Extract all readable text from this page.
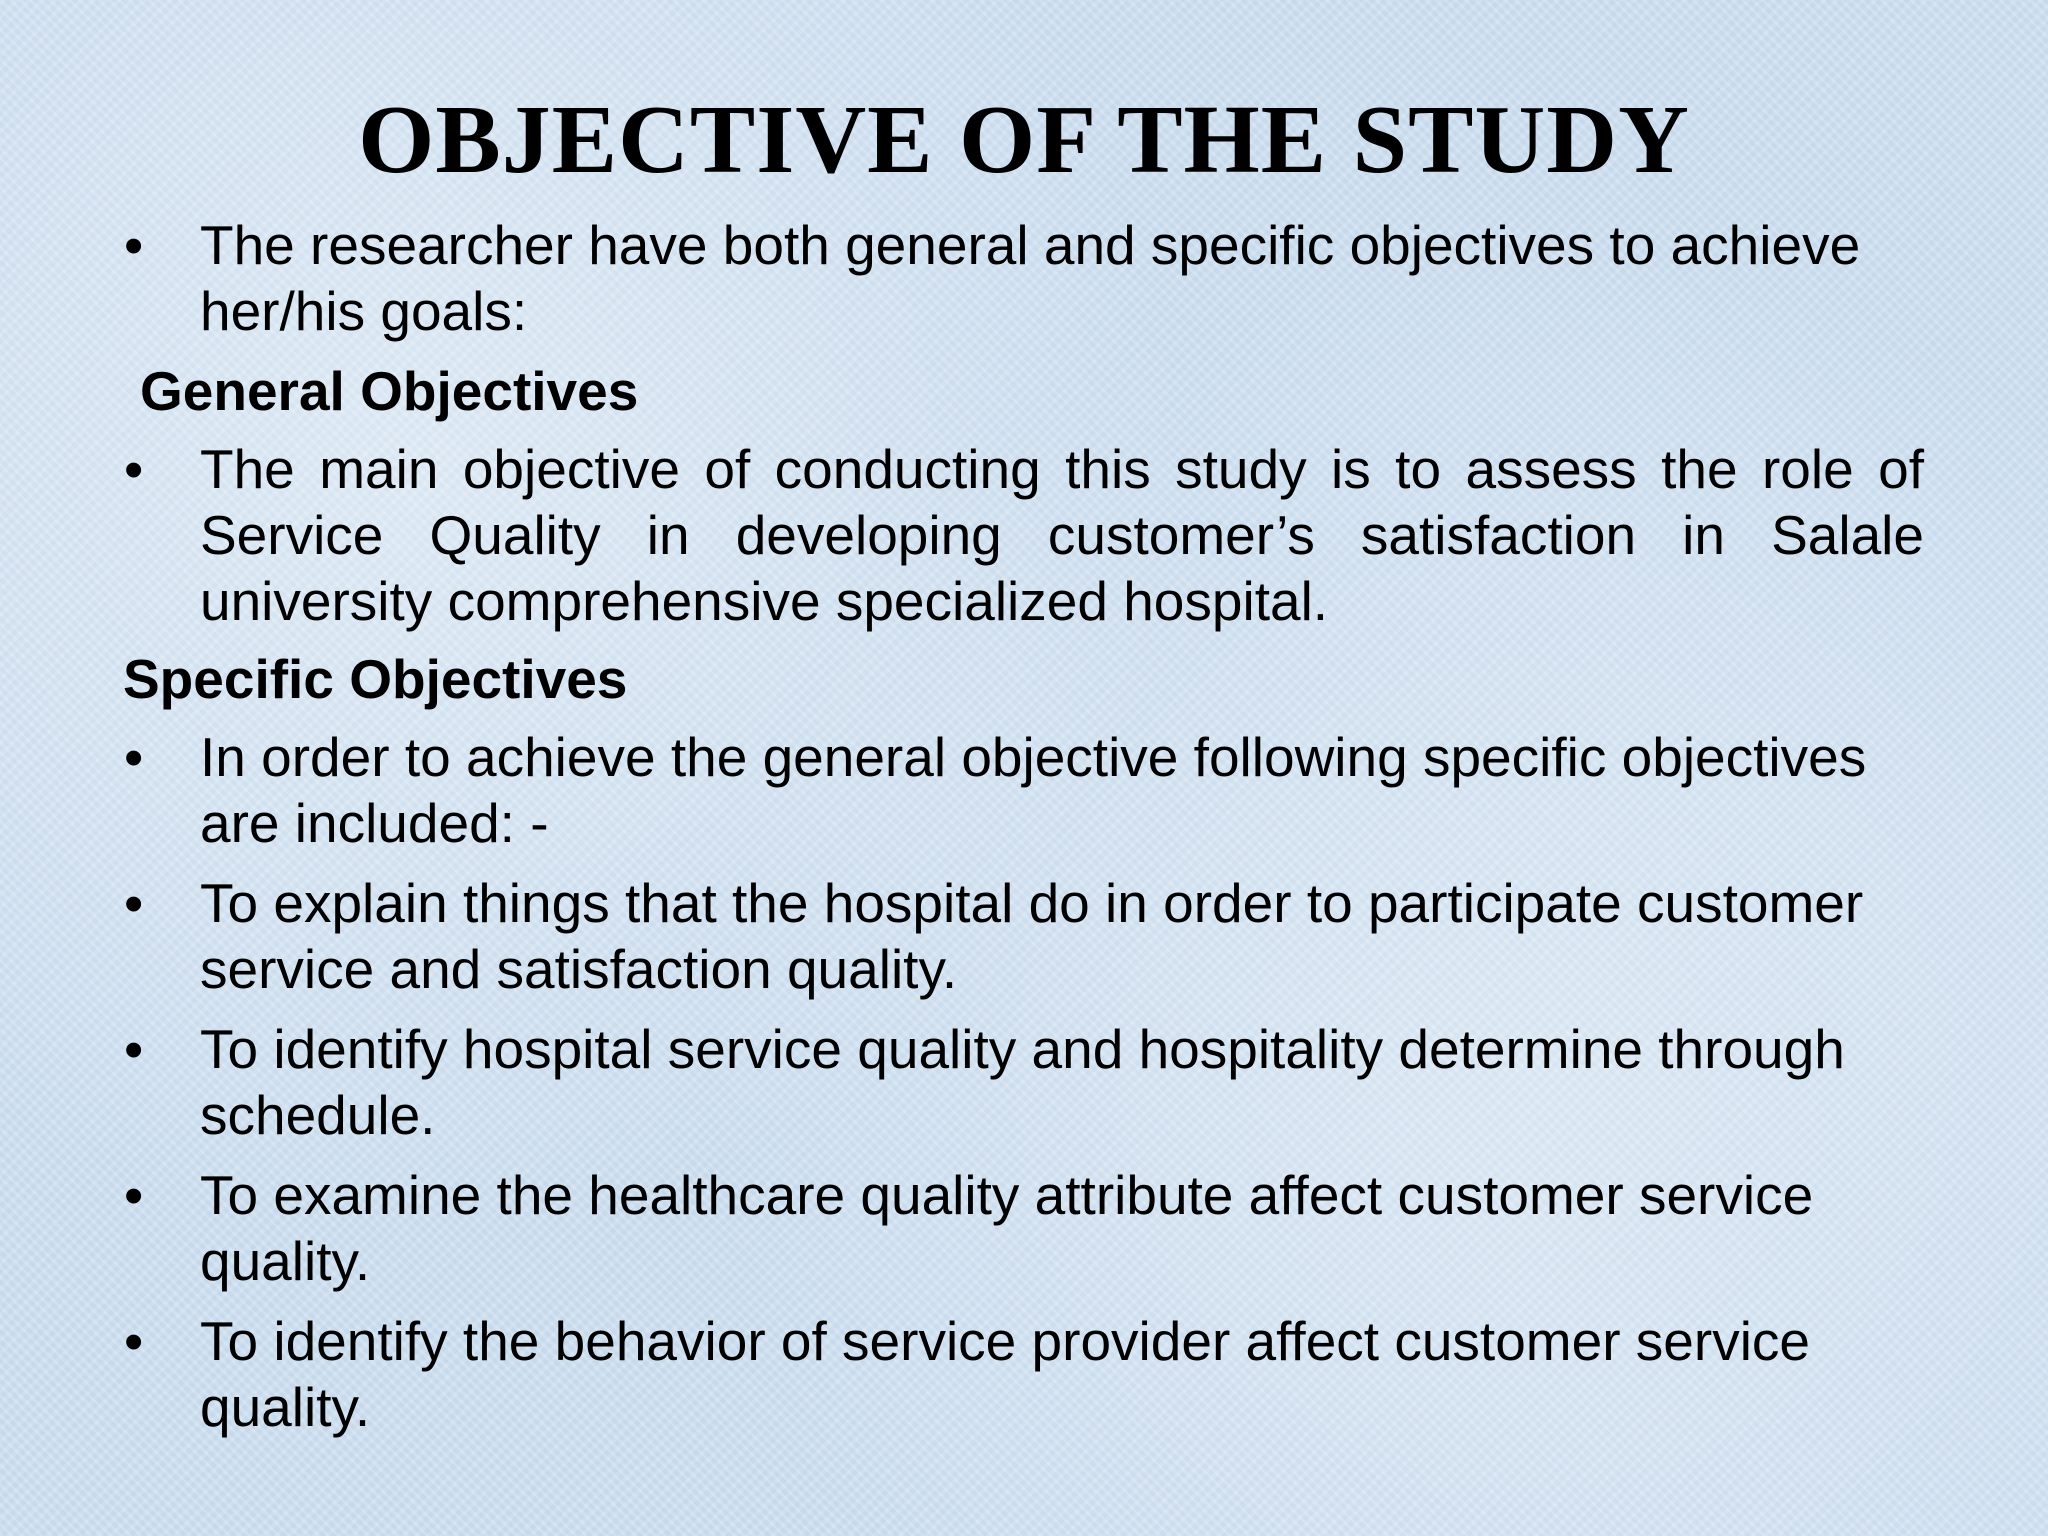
OBJECTIVE OF THE STUDY
•	The researcher have both general and specific objectives to achieve her/his goals:
General Objectives
•	The main objective of conducting this study is to assess the role of Service Quality in developing customer’s satisfaction in Salale university comprehensive specialized hospital.
Specific Objectives
•	In order to achieve the general objective following specific objectives are included: -
•	To explain things that the hospital do in order to participate customer service and satisfaction quality.
•	To identify hospital service quality and hospitality determine through schedule.
•	To examine the healthcare quality attribute affect customer service quality.
•	To identify the behavior of service provider affect customer service quality.
